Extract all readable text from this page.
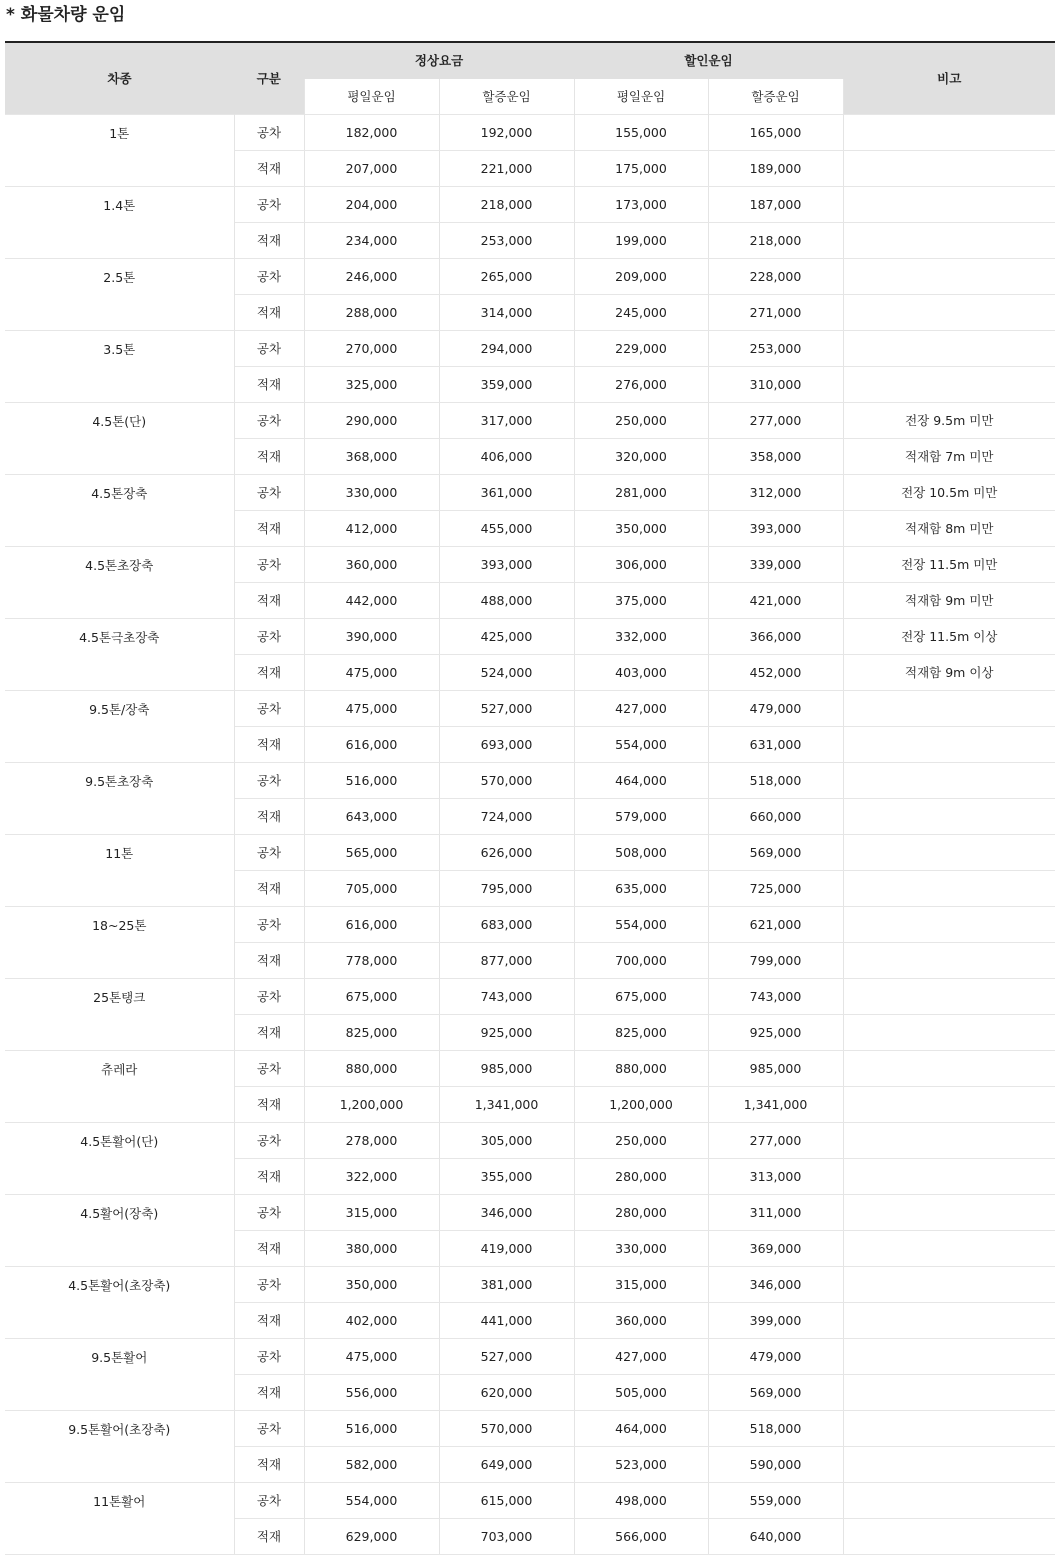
* 화물차량 운임
차종	구분	정상요금		할인운임		비고
		평일운임	할증운임	평일운임	할증운임	
1톤	공차	182,000	192,000	155,000	165,000	
	적재	207,000	221,000	175,000	189,000	
1.4톤	공차	204,000	218,000	173,000	187,000	
	적재	234,000	253,000	199,000	218,000	
2.5톤	공차	246,000	265,000	209,000	228,000	
	적재	288,000	314,000	245,000	271,000	
3.5톤	공차	270,000	294,000	229,000	253,000	
	적재	325,000	359,000	276,000	310,000	
4.5톤(단)	공차	290,000	317,000	250,000	277,000	전장 9.5m 미만
	적재	368,000	406,000	320,000	358,000	적재함 7m 미만
4.5톤장축	공차	330,000	361,000	281,000	312,000	전장 10.5m 미만
	적재	412,000	455,000	350,000	393,000	적재함 8m 미만
4.5톤초장축	공차	360,000	393,000	306,000	339,000	전장 11.5m 미만
	적재	442,000	488,000	375,000	421,000	적재함 9m 미만
4.5톤극초장축	공차	390,000	425,000	332,000	366,000	전장 11.5m 이상
	적재	475,000	524,000	403,000	452,000	적재함 9m 이상
9.5톤/장축	공차	475,000	527,000	427,000	479,000	
	적재	616,000	693,000	554,000	631,000	
9.5톤초장축	공차	516,000	570,000	464,000	518,000	
	적재	643,000	724,000	579,000	660,000	
11톤	공차	565,000	626,000	508,000	569,000	
	적재	705,000	795,000	635,000	725,000	
18~25톤	공차	616,000	683,000	554,000	621,000	
	적재	778,000	877,000	700,000	799,000	
25톤탱크	공차	675,000	743,000	675,000	743,000	
	적재	825,000	925,000	825,000	925,000	
츄레라	공차	880,000	985,000	880,000	985,000	
	적재	1,200,000	1,341,000	1,200,000	1,341,000	
4.5톤활어(단)	공차	278,000	305,000	250,000	277,000	
	적재	322,000	355,000	280,000	313,000	
4.5활어(장축)	공차	315,000	346,000	280,000	311,000	
	적재	380,000	419,000	330,000	369,000	
4.5톤활어(초장축)	공차	350,000	381,000	315,000	346,000	
	적재	402,000	441,000	360,000	399,000	
9.5톤활어	공차	475,000	527,000	427,000	479,000	
	적재	556,000	620,000	505,000	569,000	
9.5톤활어(초장축)	공차	516,000	570,000	464,000	518,000	
	적재	582,000	649,000	523,000	590,000	
11톤활어	공차	554,000	615,000	498,000	559,000	
	적재	629,000	703,000	566,000	640,000	
